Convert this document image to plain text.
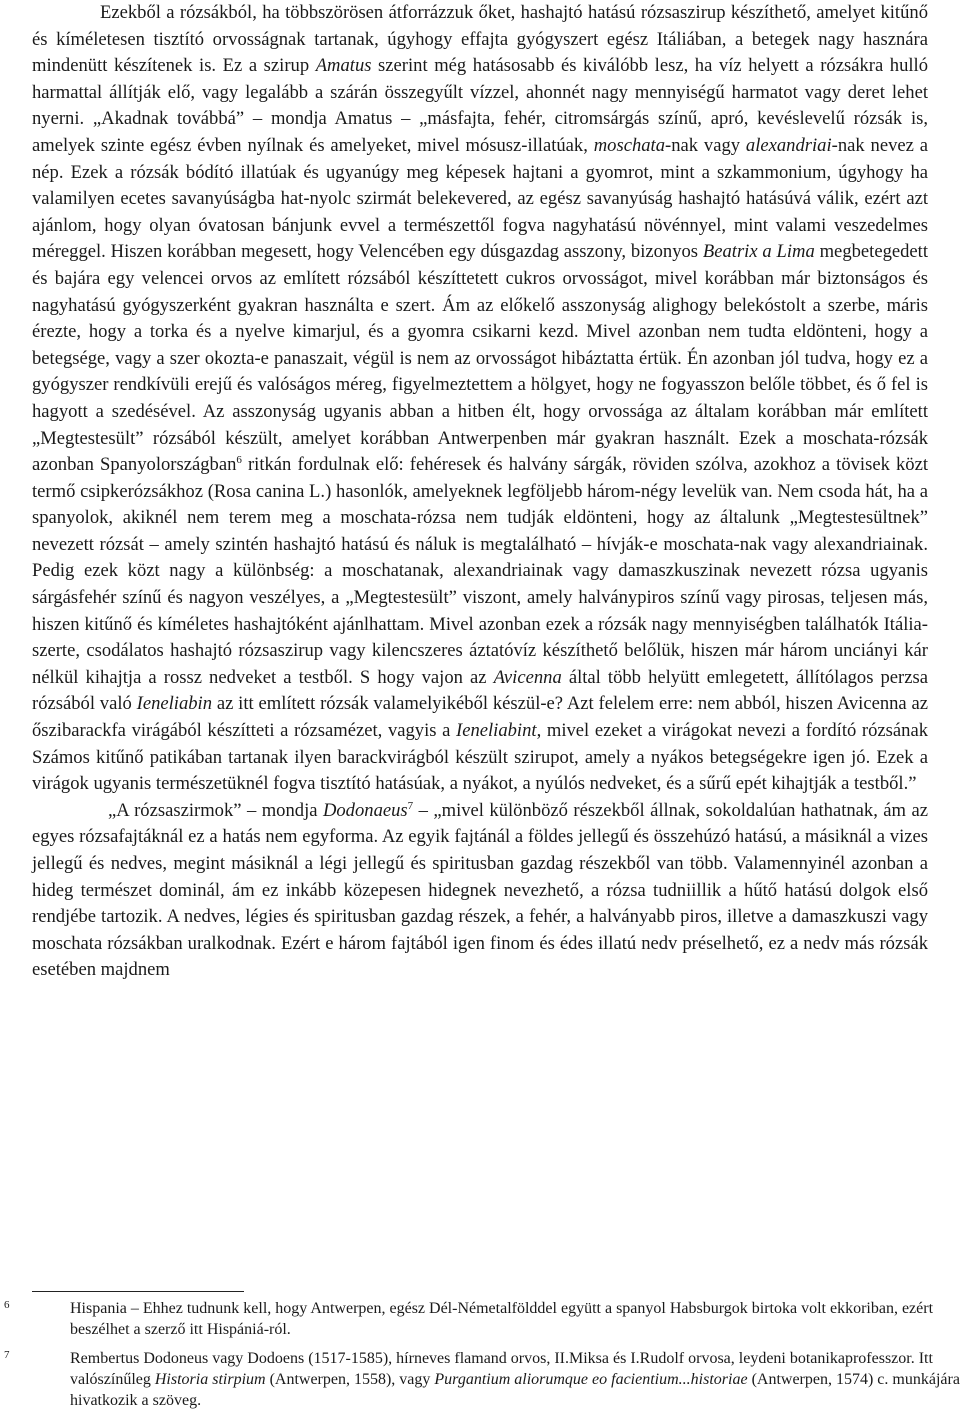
Ezekből a rózsákból, ha többszörösen átforrázzuk őket, hashajtó hatású rózsaszirup készíthető, amelyet kitűnő és kíméletesen tisztító orvosságnak tartanak, úgyhogy effajta gyógyszert egész Itáliában, a betegek nagy hasznára mindenütt készítenek is. Ez a szirup Amatus szerint még hatásosabb és kiválóbb lesz, ha víz helyett a rózsákra hulló harmattal állítják elő, vagy legalább a szárán összegyűlt vízzel, ahonnét nagy mennyiségű harmatot vagy deret lehet nyerni. „Akadnak továbbá” – mondja Amatus – „másfajta, fehér, citromsárgás színű, apró, kevéslevelű rózsák is, amelyek szinte egész évben nyílnak és amelyeket, mivel mósusz-illatúak, moschata-nak vagy alexandriai-nak nevez a nép. Ezek a rózsák bódító illatúak és ugyanúgy meg képesek hajtani a gyomrot, mint a szkammonium, úgyhogy ha valamilyen ecetes savanyúságba hat-nyolc szirmát belekevered, az egész savanyúság hashajtó hatásúvá válik, ezért azt ajánlom, hogy olyan óvatosan bánjunk evvel a természettől fogva nagyhatású növénnyel, mint valami veszedelmes méreggel. Hiszen korábban megesett, hogy Velencében egy dúsgazdag asszony, bizonyos Beatrix a Lima megbetegedett és bajára egy velencei orvos az említett rózsából készíttetett cukros orvosságot, mivel korábban már biztonságos és nagyhatású gyógyszerként gyakran használta e szert. Ám az előkelő asszonyság alighogy belekóstolt a szerbe, máris érezte, hogy a torka és a nyelve kimarjul, és a gyomra csikarni kezd. Mivel azonban nem tudta eldönteni, hogy a betegsége, vagy a szer okozta-e panaszait, végül is nem az orvosságot hibáztatta értük. Én azonban jól tudva, hogy ez a gyógyszer rendkívüli erejű és valóságos méreg, figyelmeztettem a hölgyet, hogy ne fogyasszon belőle többet, és ő fel is hagyott a szedésével. Az asszonyság ugyanis abban a hitben élt, hogy orvossága az általam korábban már említett „Megtestesült” rózsából készült, amelyet korábban Antwerpenben már gyakran használt. Ezek a moschata-rózsák azonban Spanyolországban$^6$ ritkán fordulnak elő: fehéresek és halvány sárgák, röviden szólva, azokhoz a tövisek közt termő csipkerózsákhoz (Rosa canina L.) hasonlók, amelyeknek legföljebb három-négy levelük van. Nem csoda hát, ha a spanyolok, akiknél nem terem meg a moschata-rózsa nem tudják eldönteni, hogy az általunk „Megtestesültnek” nevezett rózsát – amely szintén hashajtó hatású és náluk is megtalálható – hívják-e moschata-nak vagy alexandriainak. Pedig ezek közt nagy a különbség: a moschatanak, alexandriainak vagy damaszkuszinak nevezett rózsa ugyanis sárgásfehér színű és nagyon veszélyes, a „Megtestesült” viszont, amely halványpiros színű vagy pirosas, teljesen más, hiszen kitűnő és kíméletes hashajtóként ajánlhattam. Mivel azonban ezek a rózsák nagy mennyiségben találhatók Itália-szerte, csodálatos hashajtó rózsaszirup vagy kilencszeres áztatóvíz készíthető belőlük, hiszen már három unciányi kár nélkül kihajtja a rossz nedveket a testből. S hogy vajon az Avicenna által több helyütt emlegetett, állítólagos perzsa rózsából való Ieneliabin az itt említett rózsák valamelyikéből készül-e? Azt felelem erre: nem abból, hiszen Avicenna az őszibarackfa virágából készítteti a rózsamézet, vagyis a Ieneliabint, mivel ezeket a virágokat nevezi a fordító rózsának Számos kitűnő patikában tartanak ilyen barackvirágból készült szirupot, amely a nyákos betegségekre igen jó. Ezek a virágok ugyanis természetüknél fogva tisztító hatásúak, a nyákot, a nyúlós nedveket, és a sűrű epét kihajtják a testből.”

„A rózsaszirmok” – mondja Dodonaeus$^7$ – „mivel különböző részekből állnak, sokoldalúan hathatnak, ám az egyes rózsafajtáknál ez a hatás nem egyforma. Az egyik fajtánál a földes jellegű és összehúzó hatású, a másiknál a vizes jellegű és nedves, megint másiknál a légi jellegű és spiritusban gazdag részekből van több. Valamennyinél azonban a hideg természet dominál, ám ez inkább közepesen hidegnek nevezhető, a rózsa tudniillik a hűtő hatású dolgok első rendjébe tartozik. A nedves, légies és spiritusban gazdag részek, a fehér, a halványabb piros, illetve a damaszkuszi vagy moschata rózsákban uralkodnak. Ezért e három fajtából igen finom és édes illatú nedv préselhető, ez a nedv más rózsák esetében majdnem

6	Hispania – Ehhez tudnunk kell, hogy Antwerpen, egész Dél-Németalfölddel együtt a spanyol Habsburgok birtoka volt ekkoriban, ezért beszélhet a szerző itt Hispániá-ról.
7	Rembertus Dodoneus vagy Dodoens (1517-1585), hírneves flamand orvos, II.Miksa és I.Rudolf orvosa, leydeni botanikaprofesszor. Itt valószínűleg Historia stirpium (Antwerpen, 1558), vagy Purgantium aliorumque eo facientium...historiae (Antwerpen, 1574) c. munkájára hivatkozik a szöveg.
